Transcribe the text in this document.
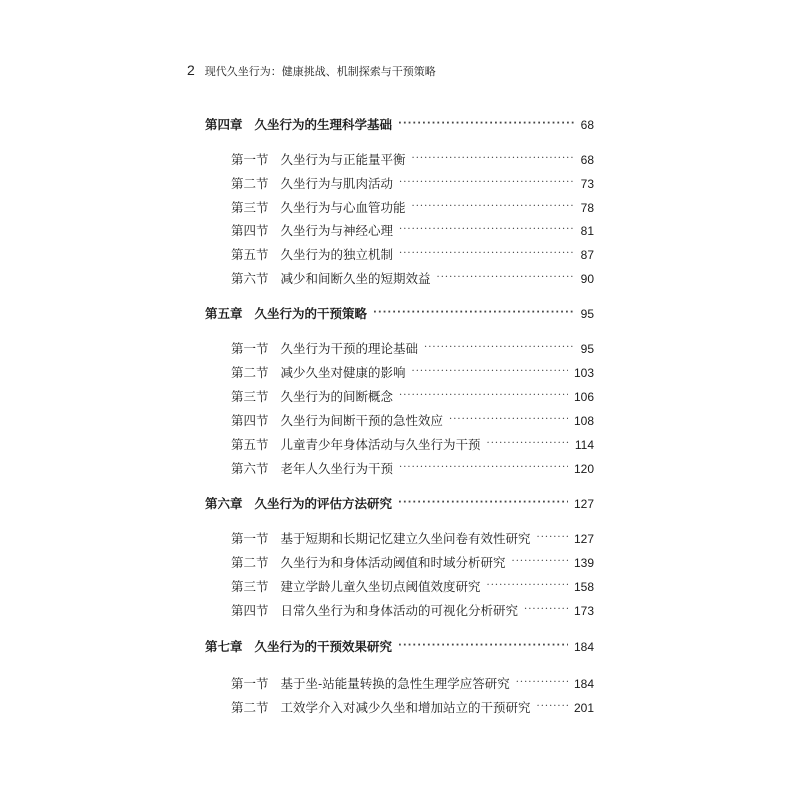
2 现代久坐行为：健康挑战、机制探索与干预策略
第四章 久坐行为的生理科学基础 ·····	68
第一节 久坐行为与正能量平衡 ·····	68
第二节 久坐行为与肌肉活动 ·····	73
第三节 久坐行为与心血管功能 ·····	78
第四节 久坐行为与神经心理 ·····	81
第五节 久坐行为的独立机制 ·····	87
第六节 减少和间断久坐的短期效益 ·····	90
第五章 久坐行为的干预策略 ·····	95
第一节 久坐行为干预的理论基础 ·····	95
第二节 减少久坐对健康的影响 ·····	103
第三节 久坐行为的间断概念 ·····	106
第四节 久坐行为间断干预的急性效应 ·····	108
第五节 儿童青少年身体活动与久坐行为干预 ·····	114
第六节 老年人久坐行为干预 ·····	120
第六章 久坐行为的评估方法研究 ·····	127
第一节 基于短期和长期记忆建立久坐问卷有效性研究 ·····	127
第二节 久坐行为和身体活动阈值和时域分析研究 ·····	139
第三节 建立学龄儿童久坐切点阈值效度研究 ·····	158
第四节 日常久坐行为和身体活动的可视化分析研究 ·····	173
第七章 久坐行为的干预效果研究 ·····	184
第一节 基于坐-站能量转换的急性生理学应答研究 ·····	184
第二节 工效学介入对减少久坐和增加站立的干预研究 ·····	201
